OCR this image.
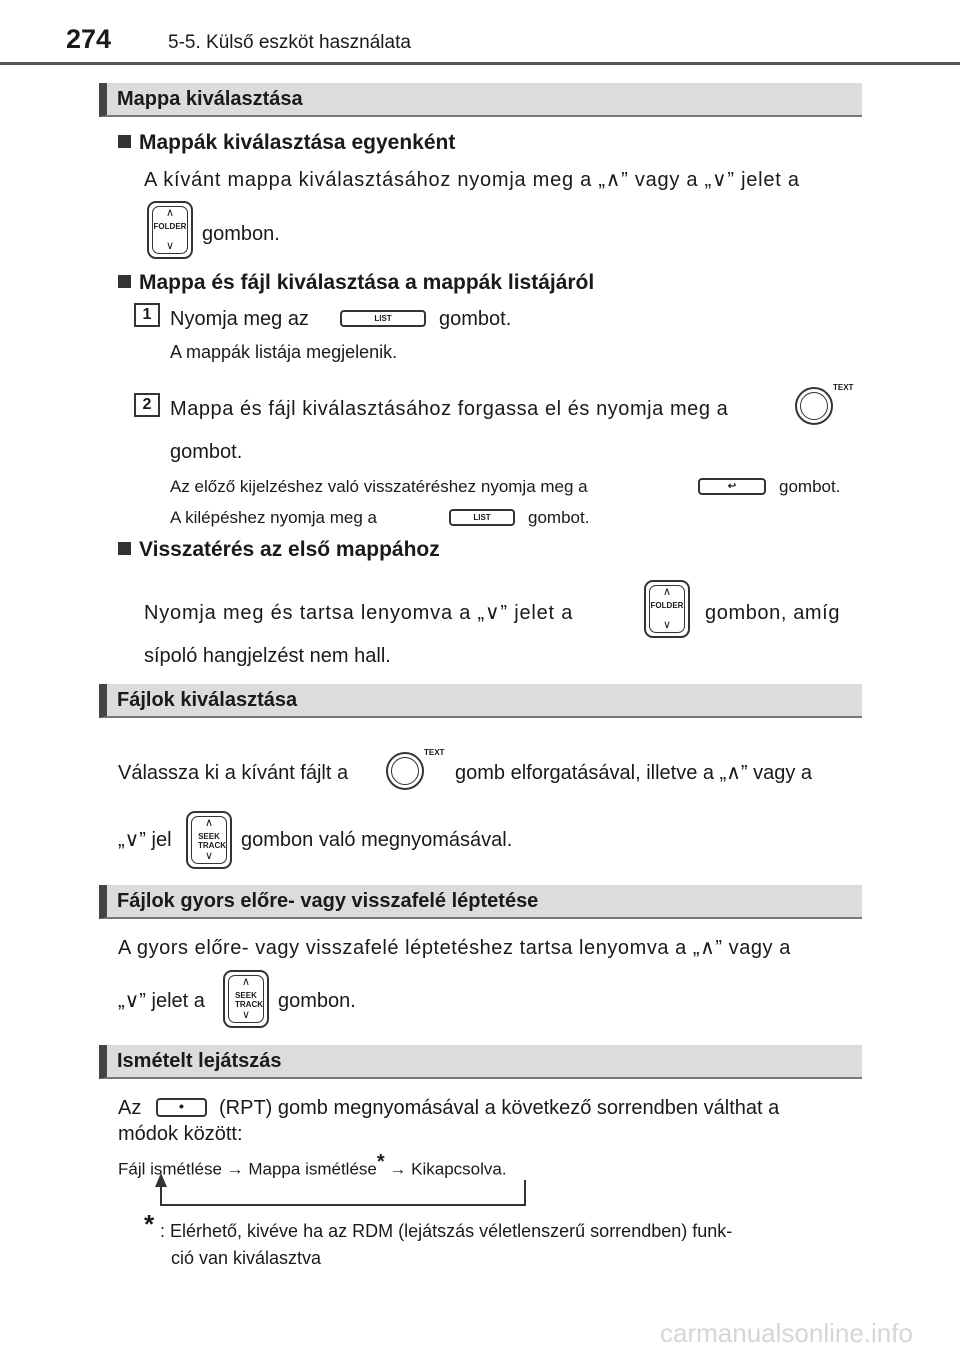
274	5-5. Külső eszköt használata
Mappa kiválasztása
Mappák kiválasztása egyenként
A kívánt mappa kiválasztásához nyomja meg a „∧” vagy a „∨” jelet a
∧
FOLDER
∨
gombon.
Mappa és fájl kiválasztása a mappák listájáról
1 Nyomja meg az	LIST	gombot.
A mappák listája megjelenik.
2 Mappa és fájl kiválasztásához forgassa el és nyomja meg a
TEXT
gombot.
Az előző kijelzéshez való visszatéréshez nyomja meg a	↩	gombot.
A kilépéshez nyomja meg a	LIST	gombot.
Visszatérés az első mappához
Nyomja meg és tartsa lenyomva a „∨” jelet a
∧
FOLDER
∨
gombon, amíg
sípoló hangjelzést nem hall.
Fájlok kiválasztása
Válassza ki a kívánt fájlt a
TEXT
gomb elforgatásával, illetve a „∧” vagy a
„∨” jel
∧
SEEK TRACK
∨
gombon való megnyomásával.
Fájlok gyors előre- vagy visszafelé léptetése
A gyors előre- vagy visszafelé léptetéshez tartsa lenyomva a „∧” vagy a
„∨” jelet a
∧
SEEK TRACK
∨
gombon.
Ismételt lejátszás
Az	•	(RPT) gomb megnyomásával a következő sorrendben válthat a
módok között:
Fájl ismétlése → Mappa ismétlése* → Kikapcsolva.
* : Elérhető, kivéve ha az RDM (lejátszás véletlenszerű sorrendben) funk-
ció van kiválasztva
carmanualsonline.info
